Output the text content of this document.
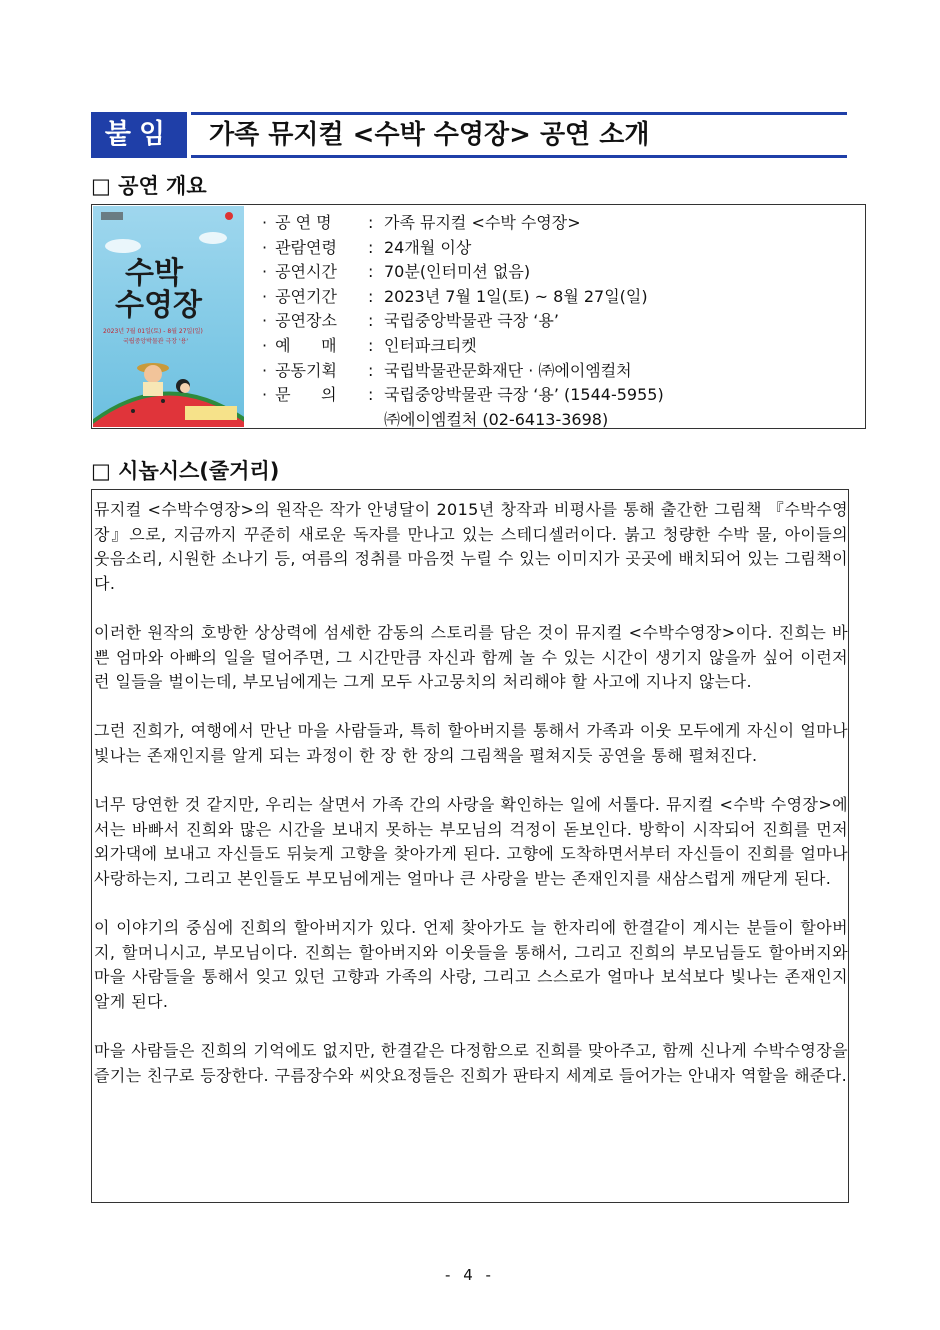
붙임	가족 뮤지컬 <수박 수영장> 공연 소개
□ 공연 개요
수박
수영장
2023년 7월 01일(토) - 8월 27일(일)
국립중앙박물관 극장 '용'
· 공 연 명	: 가족 뮤지컬 <수박 수영장>
· 관람연령	: 24개월 이상
· 공연시간	: 70분(인터미션 없음)
· 공연기간	: 2023년 7월 1일(토) ~ 8월 27일(일)
· 공연장소	: 국립중앙박물관 극장 ‘용’
· 예      매	: 인터파크티켓
· 공동기획	: 국립박물관문화재단 · ㈜에이엠컬처
· 문      의	: 국립중앙박물관 극장 ‘용’ (1544-5955)
㈜에이엠컬처 (02-6413-3698)
□ 시놉시스(줄거리)

뮤지컬 <수박수영장>의 원작은 작가 안녕달이 2015년 창작과 비평사를 통해 출간한 그림책 『수박수영장』으로, 지금까지 꾸준히 새로운 독자를 만나고 있는 스테디셀러이다. 붉고 청량한 수박 물, 아이들의 웃음소리, 시원한 소나기 등, 여름의 정취를 마음껏 누릴 수 있는 이미지가 곳곳에 배치되어 있는 그림책이다.

이러한 원작의 호방한 상상력에 섬세한 감동의 스토리를 담은 것이 뮤지컬 <수박수영장>이다. 진희는 바쁜 엄마와 아빠의 일을 덜어주면, 그 시간만큼 자신과 함께 놀 수 있는 시간이 생기지 않을까 싶어 이런저런 일들을 벌이는데, 부모님에게는 그게 모두 사고뭉치의 처리해야 할 사고에 지나지 않는다.

그런 진희가, 여행에서 만난 마을 사람들과, 특히 할아버지를 통해서 가족과 이웃 모두에게 자신이 얼마나 빛나는 존재인지를 알게 되는 과정이 한 장 한 장의 그림책을 펼쳐지듯 공연을 통해 펼쳐진다.

너무 당연한 것 같지만, 우리는 살면서 가족 간의 사랑을 확인하는 일에 서툴다. 뮤지컬 <수박 수영장>에서는 바빠서 진희와 많은 시간을 보내지 못하는 부모님의 걱정이 돋보인다. 방학이 시작되어 진희를 먼저 외가댁에 보내고 자신들도 뒤늦게 고향을 찾아가게 된다. 고향에 도착하면서부터 자신들이 진희를 얼마나 사랑하는지, 그리고 본인들도 부모님에게는 얼마나 큰 사랑을 받는 존재인지를 새삼스럽게 깨닫게 된다.

이 이야기의 중심에 진희의 할아버지가 있다. 언제 찾아가도 늘 한자리에 한결같이 계시는 분들이 할아버지, 할머니시고, 부모님이다. 진희는 할아버지와 이웃들을 통해서, 그리고 진희의 부모님들도 할아버지와 마을 사람들을 통해서 잊고 있던 고향과 가족의 사랑, 그리고 스스로가 얼마나 보석보다 빛나는 존재인지 알게 된다.

마을 사람들은 진희의 기억에도 없지만, 한결같은 다정함으로 진희를 맞아주고, 함께 신나게 수박수영장을 즐기는 친구로 등장한다. 구름장수와 씨앗요정들은 진희가 판타지 세계로 들어가는 안내자 역할을 해준다.

- 4 -
